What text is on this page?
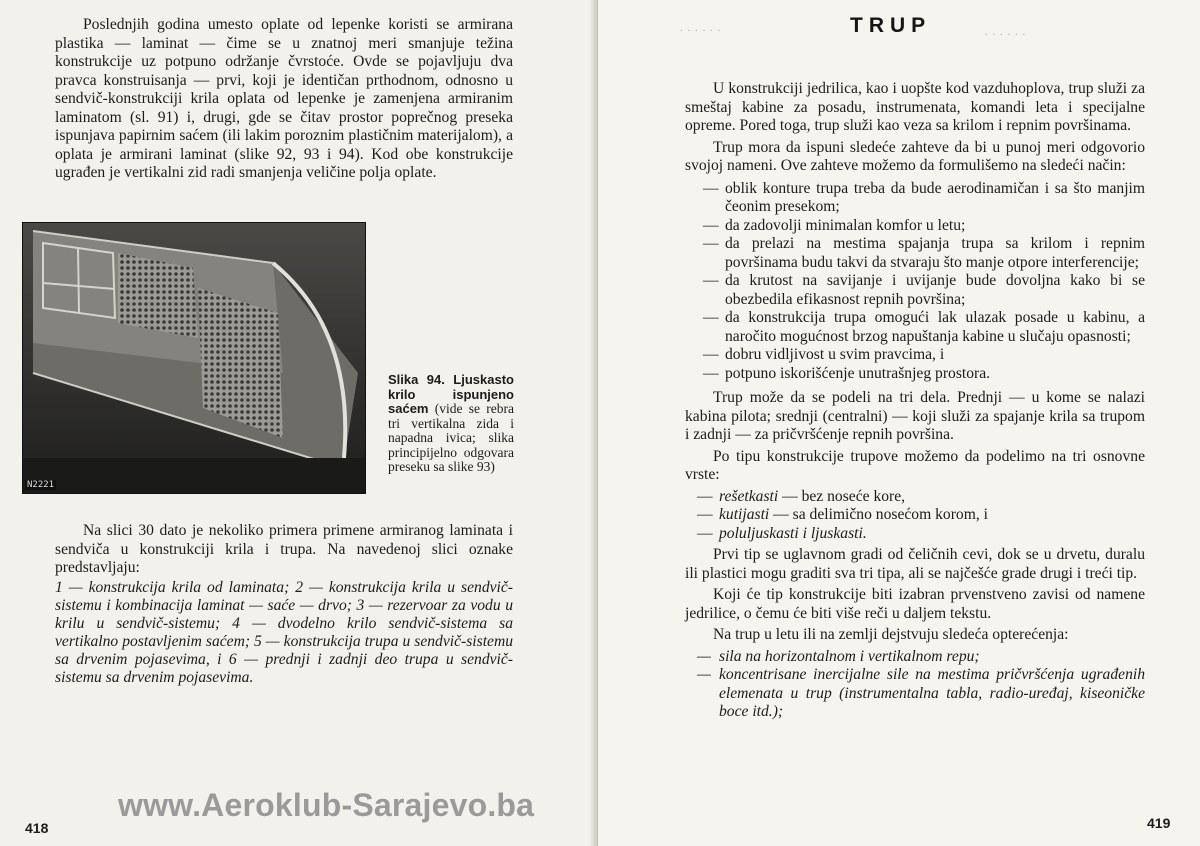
Poslednjih godina umesto oplate od lepenke koristi se armirana plastika — laminat — čime se u znatnoj meri smanjuje težina konstrukcije uz potpuno održanje čvrstoće. Ovde se pojavljuju dva pravca konstruisanja — prvi, koji je identičan prthodnom, odnosno u sendvič-konstrukciji krila oplata od lepenke je zamenjena armiranim laminatom (sl. 91) i, drugi, gde se čitav prostor poprečnog preseka ispunjava papirnim saćem (ili lakim poroznim plastičnim materijalom), a oplata je armirani laminat (slike 92, 93 i 94). Kod obe konstrukcije ugrađen je vertikalni zid radi smanjenja veličine polja oplate.
N2221
Slika 94. Ljuskasto krilo ispunjeno saćem (vide se rebra tri vertikalna zida i napadna ivica; slika principijelno odgovara preseku sa slike 93)
Na slici 30 dato je nekoliko primera primene armiranog laminata i sendviča u konstrukciji krila i trupa. Na navedenoj slici oznake predstavljaju:
1 — konstrukcija krila od laminata; 2 — konstrukcija krila u sendvič-sistemu i kombinacija laminat — saće — drvo; 3 — rezervoar za vodu u krilu u sendvič-sistemu; 4 — dvodelno krilo sendvič-sistema sa vertikalno postavljenim saćem; 5 — konstrukcija trupa u sendvič-sistemu sa drvenim pojasevima, i 6 — prednji i zadnji deo trupa u sendvič-sistemu sa drvenim pojasevima.
www.Aeroklub-Sarajevo.ba
418
TRUP
. . . . . .	. . . . . .

U konstrukciji jedrilica, kao i uopšte kod vazduhoplova, trup služi za smeštaj kabine za posadu, instrumenata, komandi leta i specijalne opreme. Pored toga, trup služi kao veza sa krilom i repnim površinama.

Trup mora da ispuni sledeće zahteve da bi u punoj meri odgovorio svojoj nameni. Ove zahteve možemo da formulišemo na sledeći način:

— oblik konture trupa treba da bude aerodinamičan i sa što manjim čeonim presekom;
— da zadovolji minimalan komfor u letu;
— da prelazi na mestima spajanja trupa sa krilom i repnim površinama budu takvi da stvaraju što manje otpore interferencije;
— da krutost na savijanje i uvijanje bude dovoljna kako bi se obezbedila efikasnost repnih površina;
— da konstrukcija trupa omogući lak ulazak posade u kabinu, a naročito mogućnost brzog napuštanja kabine u slučaju opasnosti;
— dobru vidljivost u svim pravcima, i
— potpuno iskorišćenje unutrašnjeg prostora.

Trup može da se podeli na tri dela. Prednji — u kome se nalazi kabina pilota; srednji (centralni) — koji služi za spajanje krila sa trupom i zadnji — za pričvršćenje repnih površina.

Po tipu konstrukcije trupove možemo da podelimo na tri osnovne vrste:

— rešetkasti — bez noseće kore,
— kutijasti — sa delimično nosećom korom, i
— poluljuskasti i ljuskasti.

Prvi tip se uglavnom gradi od čeličnih cevi, dok se u drvetu, duralu ili plastici mogu graditi sva tri tipa, ali se najčešće grade drugi i treći tip.

Koji će tip konstrukcije biti izabran prvenstveno zavisi od namene jedrilice, o čemu će biti više reči u daljem tekstu.

Na trup u letu ili na zemlji dejstvuju sledeća opterećenja:

— sila na horizontalnom i vertikalnom repu;
— koncentrisane inercijalne sile na mestima pričvršćenja ugrađenih elemenata u trup (instrumentalna tabla, radio-uređaj, kiseoničke boce itd.);
419
